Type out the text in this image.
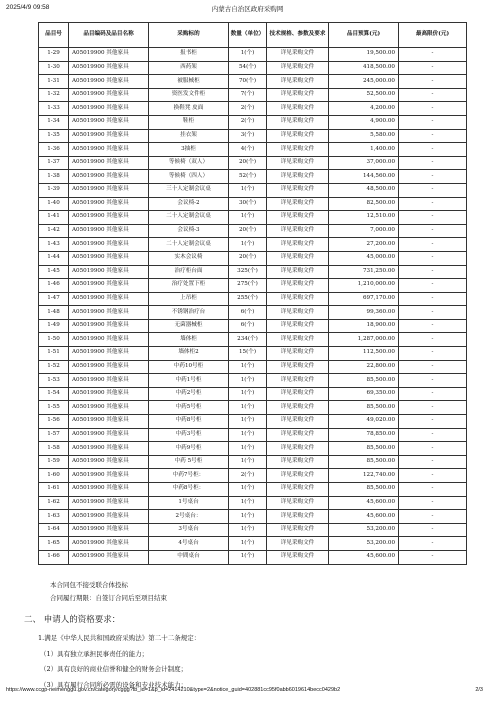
2025/4/9 09:58	内蒙古自治区政府采购网
品目号	品目编码及品目名称	采购标的	数量（单位）	技术规格、参数及要求	品目预算(元)	最高限价(元)
1-29	A05019900 其他家具	报书柜	1(个)	详见采购文件	19,500.00	-
1-30	A05019900 其他家具	西药架	54(个)	详见采购文件	418,500.00	-
1-31	A05019900 其他家具	被服械柜	70(个)	详见采购文件	245,000.00	-
1-32	A05019900 其他家具	资医发文件柜	7(个)	详见采购文件	52,500.00	-
1-33	A05019900 其他家具	换鞋凳 皮面	2(个)	详见采购文件	4,200.00	-
1-34	A05019900 其他家具	鞋柜	2(个)	详见采购文件	4,900.00	-
1-35	A05019900 其他家具	挂衣架	3(个)	详见采购文件	5,580.00	-
1-36	A05019900 其他家具	3抽柜	4(个)	详见采购文件	1,400.00	-
1-37	A05019900 其他家具	等候椅（双人）	20(个)	详见采购文件	37,000.00	-
1-38	A05019900 其他家具	等候椅（四人）	52(个)	详见采购文件	144,560.00	-
1-39	A05019900 其他家具	三十人定制会议桌	1(个)	详见采购文件	48,500.00	-
1-40	A05019900 其他家具	会议椅-2	30(个)	详见采购文件	82,500.00	-
1-41	A05019900 其他家具	二十人定制会议桌	1(个)	详见采购文件	12,510.00	-
1-42	A05019900 其他家具	会议椅-3	20(个)	详见采购文件	7,000.00	-
1-43	A05019900 其他家具	二十人定制会议桌	1(个)	详见采购文件	27,200.00	-
1-44	A05019900 其他家具	实木会议椅	20(个)	详见采购文件	45,000.00	-
1-45	A05019900 其他家具	治疗柜台面	325(个)	详见采购文件	731,250.00	-
1-46	A05019900 其他家具	治疗处置下柜	275(个)	详见采购文件	1,210,000.00	-
1-47	A05019900 其他家具	上吊柜	255(个)	详见采购文件	697,170.00	-
1-48	A05019900 其他家具	不锈钢治疗台	6(个)	详见采购文件	99,360.00	-
1-49	A05019900 其他家具	无菌器械柜	6(个)	详见采购文件	18,900.00	-
1-50	A05019900 其他家具	墙体柜	234(个)	详见采购文件	1,287,000.00	-
1-51	A05019900 其他家具	墙体柜2	15(个)	详见采购文件	112,500.00	-
1-52	A05019900 其他家具	中药10号柜	1(个)	详见采购文件	22,800.00	-
1-53	A05019900 其他家具	中药1号柜	1(个)	详见采购文件	85,500.00	-
1-54	A05019900 其他家具	中药2号柜	1(个)	详见采购文件	69,350.00	-
1-55	A05019900 其他家具	中药5号柜	1(个)	详见采购文件	85,500.00	-
1-56	A05019900 其他家具	中药8号柜	1(个)	详见采购文件	49,020.00	-
1-57	A05019900 其他家具	中药3号柜	1(个)	详见采购文件	78,850.00	-
1-58	A05019900 其他家具	中药9号柜	1(个)	详见采购文件	85,500.00	-
1-59	A05019900 其他家具	中药 5号柜	1(个)	详见采购文件	85,500.00	-
1-60	A05019900 其他家具	中药7号柜：	2(个)	详见采购文件	122,740.00	-
1-61	A05019900 其他家具	中药8号柜：	1(个)	详见采购文件	85,500.00	-
1-62	A05019900 其他家具	1号桌台	1(个)	详见采购文件	45,600.00	-
1-63	A05019900 其他家具	2号桌台：	1(个)	详见采购文件	45,600.00	-
1-64	A05019900 其他家具	3号桌台	1(个)	详见采购文件	53,200.00	-
1-65	A05019900 其他家具	4号桌台	1(个)	详见采购文件	53,200.00	-
1-66	A05019900 其他家具	中間桌台	1(个)	详见采购文件	45,600.00	-
本合同包不接受联合体投标
合同履行期限：自签订合同后至项目结束
二、 申请人的资格要求：
1.满足《中华人民共和国政府采购法》第二十二条规定：
（1）具有独立承担民事责任的能力；
（2）具有良好的商业信誉和健全的财务会计制度；
（3）具有履行合同所必需的设备和专业技术能力；
https://www.ccgp-neimenggu.gov.cn/category/cggg?tb_id=1&p_id=2414210&type=2&notice_guid=402881cc95f0abb6019614becc0429b2	2/3
